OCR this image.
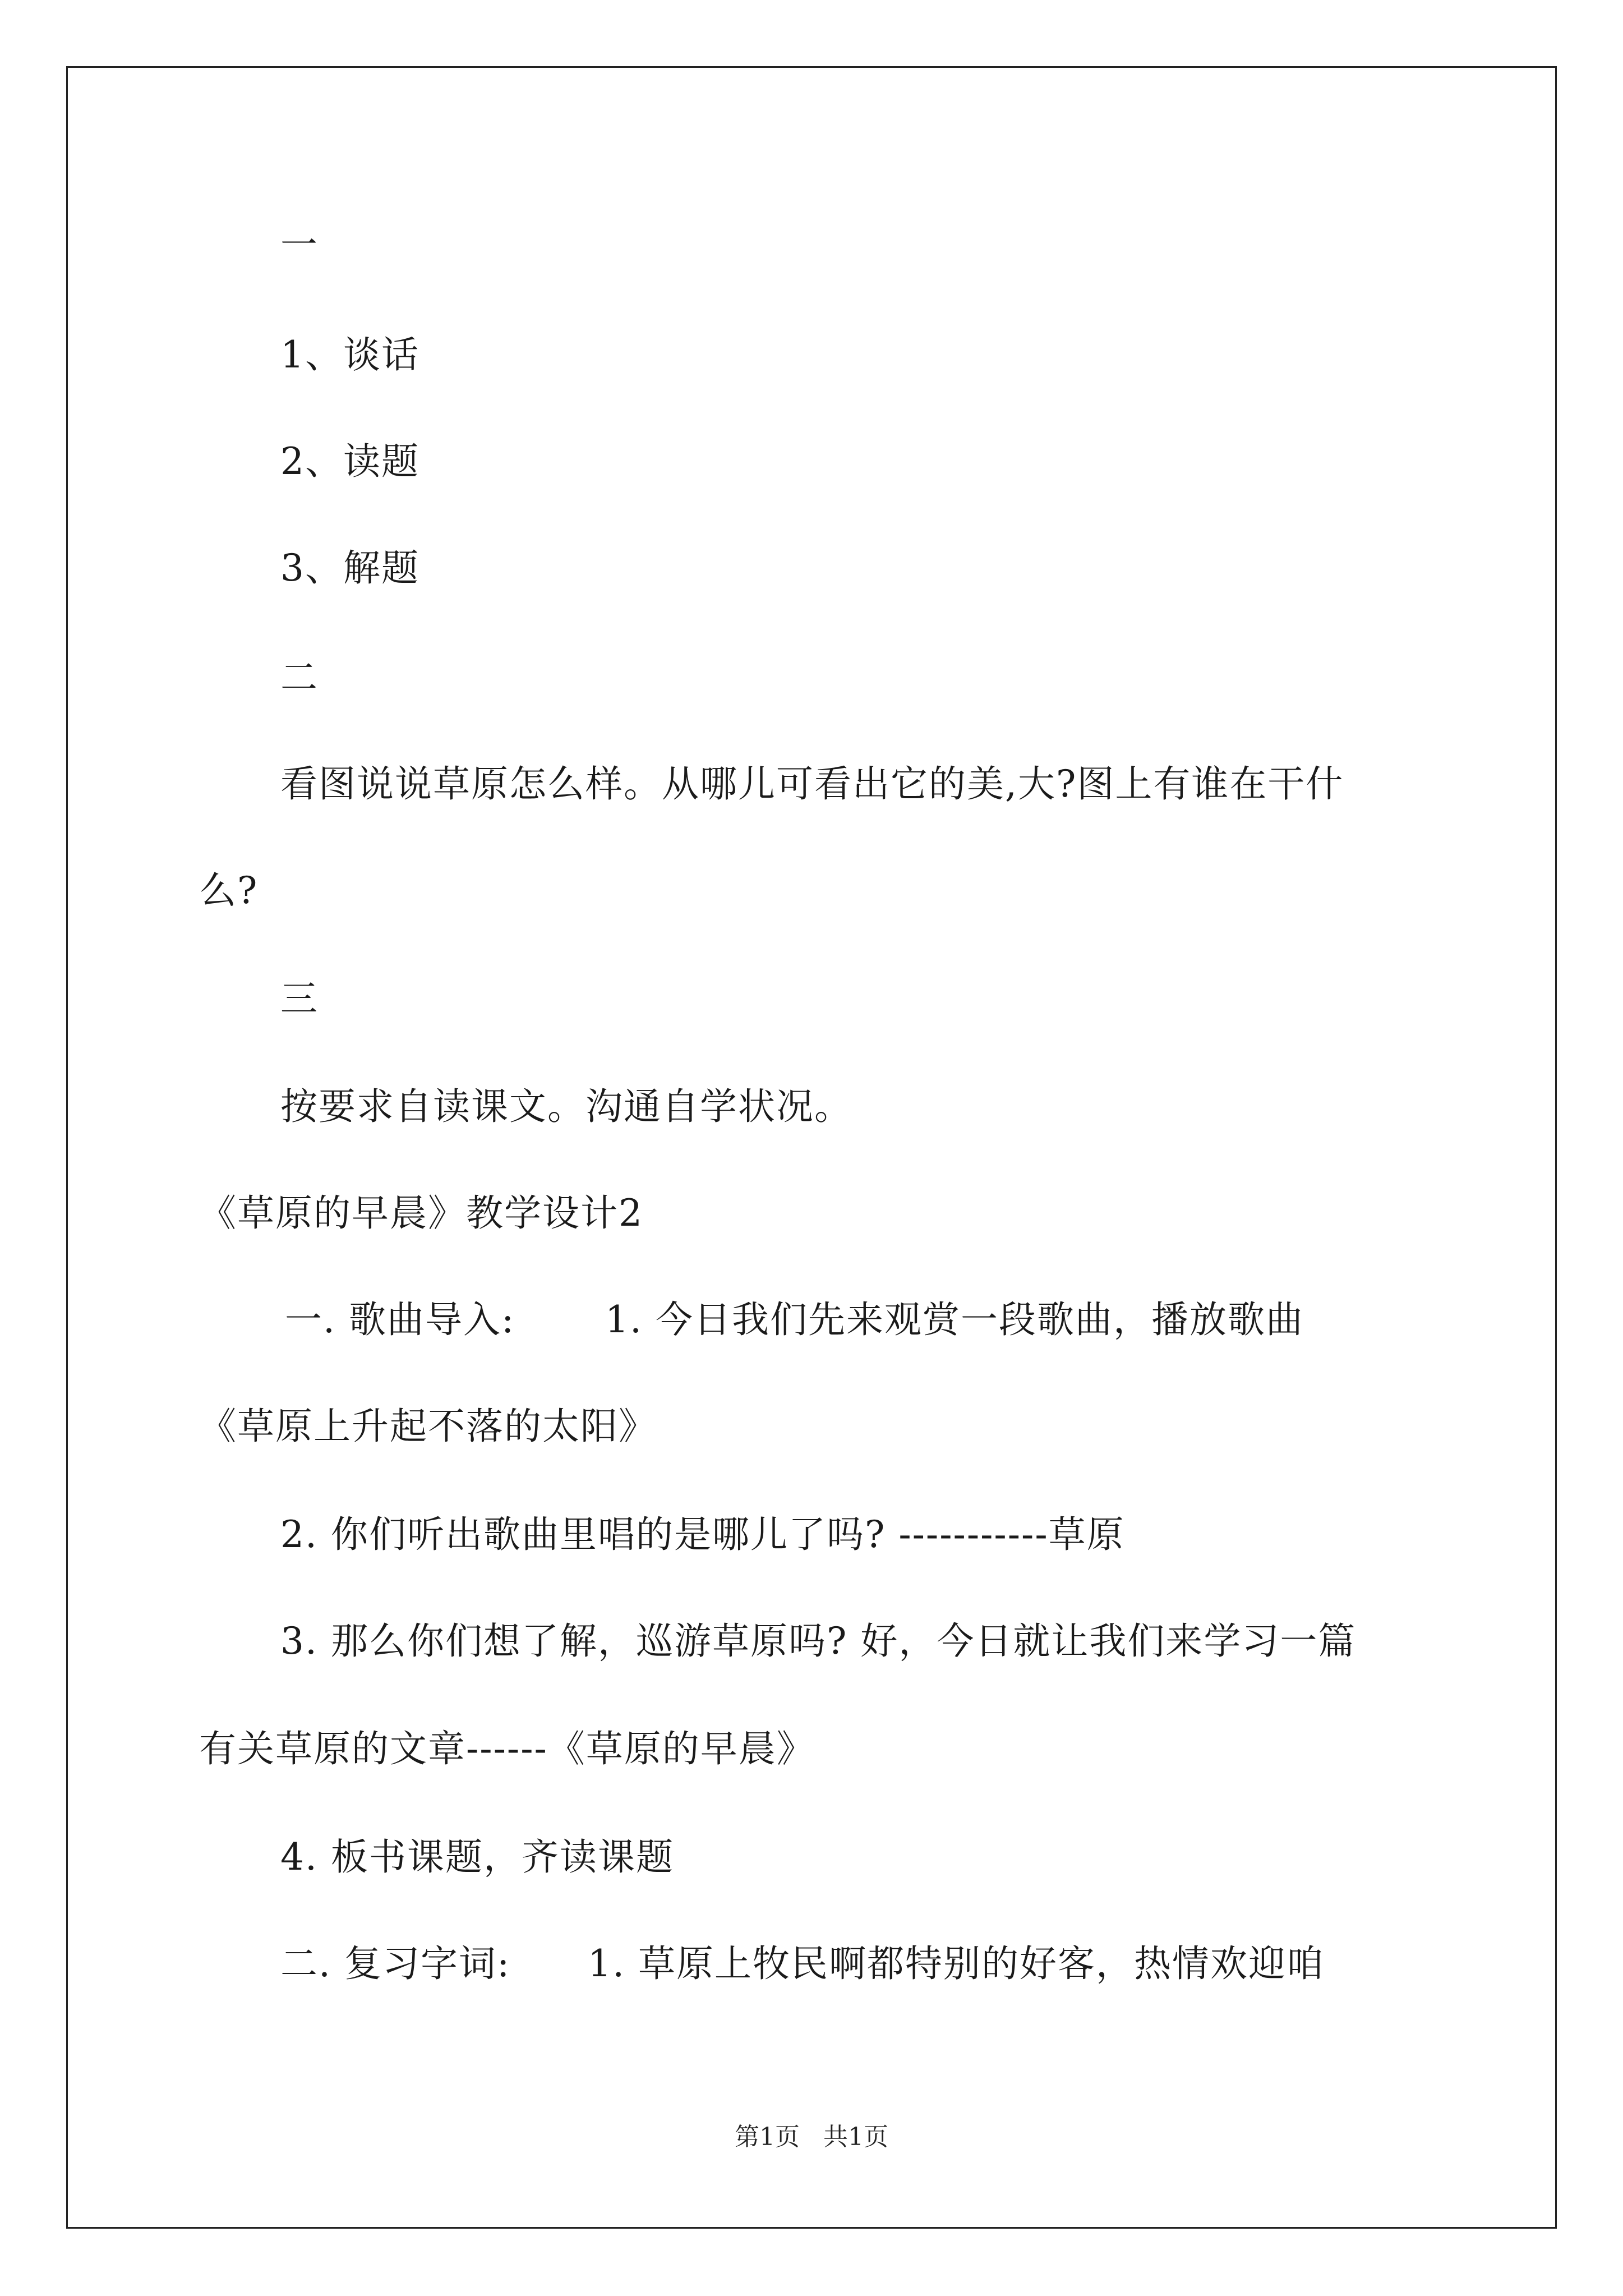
一
1、谈话
2、读题
3、解题
二
看图说说草原怎么样。从哪儿可看出它的美,大?图上有谁在干什
么?
三
按要求自读课文。沟通自学状况。
《草原的早晨》教学设计2
一. 歌曲导入:       1. 今日我们先来观赏一段歌曲，播放歌曲
《草原上升起不落的太阳》
2. 你们听出歌曲里唱的是哪儿了吗? -----------草原
3. 那么你们想了解，巡游草原吗? 好，今日就让我们来学习一篇
有关草原的文章------《草原的早晨》
4. 板书课题，齐读课题
二. 复习字词:      1. 草原上牧民啊都特别的好客，热情欢迎咱
第1页   共1页
